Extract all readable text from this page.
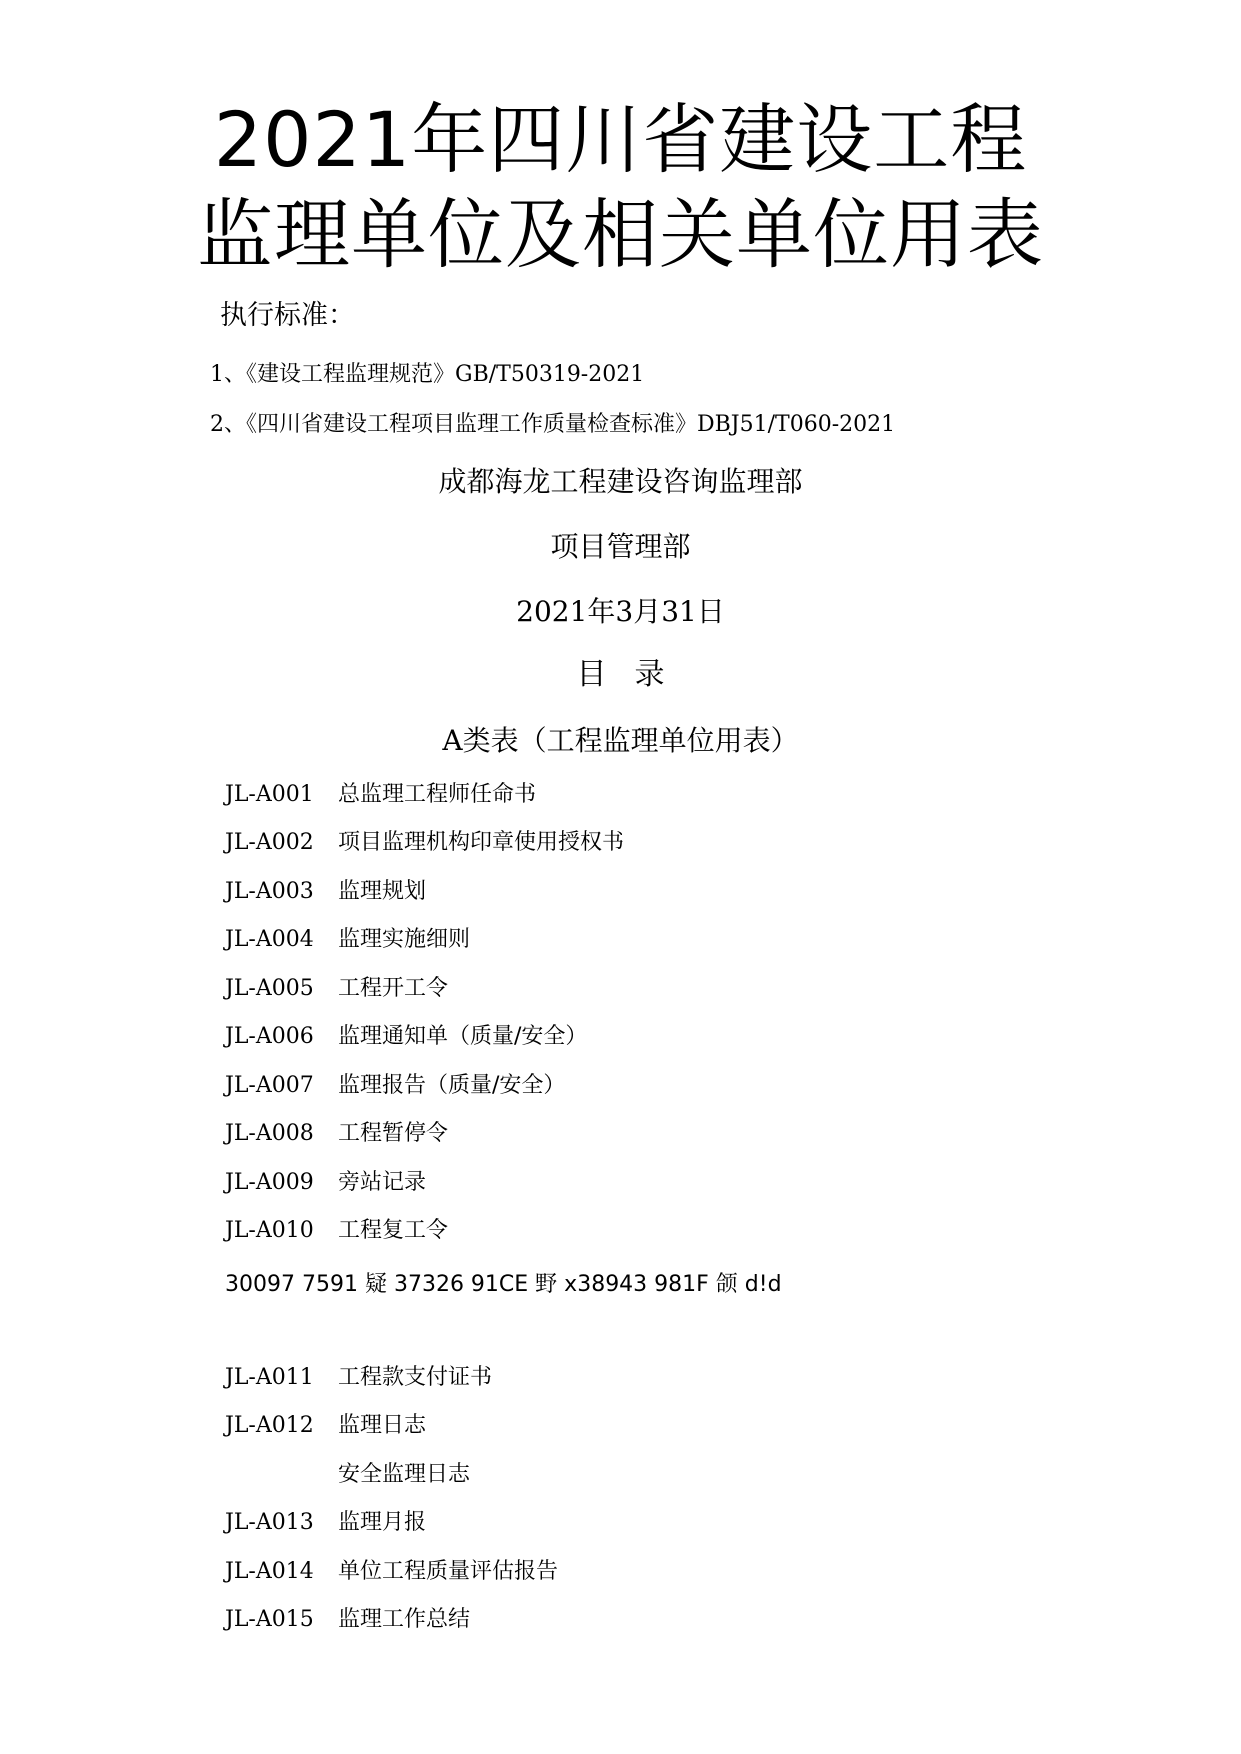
2021年四川省建设工程
监理单位及相关单位用表
执行标准：
1、《建设工程监理规范》GB/T50319-2021
2、《四川省建设工程项目监理工作质量检查标准》DBJ51/T060-2021
成都海龙工程建设咨询监理部
项目管理部
2021年3月31日
目录
A类表（工程监理单位用表）
JL-A001 总监理工程师任命书
JL-A002 项目监理机构印章使用授权书
JL-A003 监理规划
JL-A004 监理实施细则
JL-A005 工程开工令
JL-A006 监理通知单（质量/安全）
JL-A007 监理报告（质量/安全）
JL-A008 工程暂停令
JL-A009 旁站记录
JL-A010 工程复工令
30097 7591 疑 37326 91CE 野 x38943 981F 颌 d!d
JL-A011 工程款支付证书
JL-A012 监理日志
安全监理日志
JL-A013 监理月报
JL-A014 单位工程质量评估报告
JL-A015 监理工作总结
